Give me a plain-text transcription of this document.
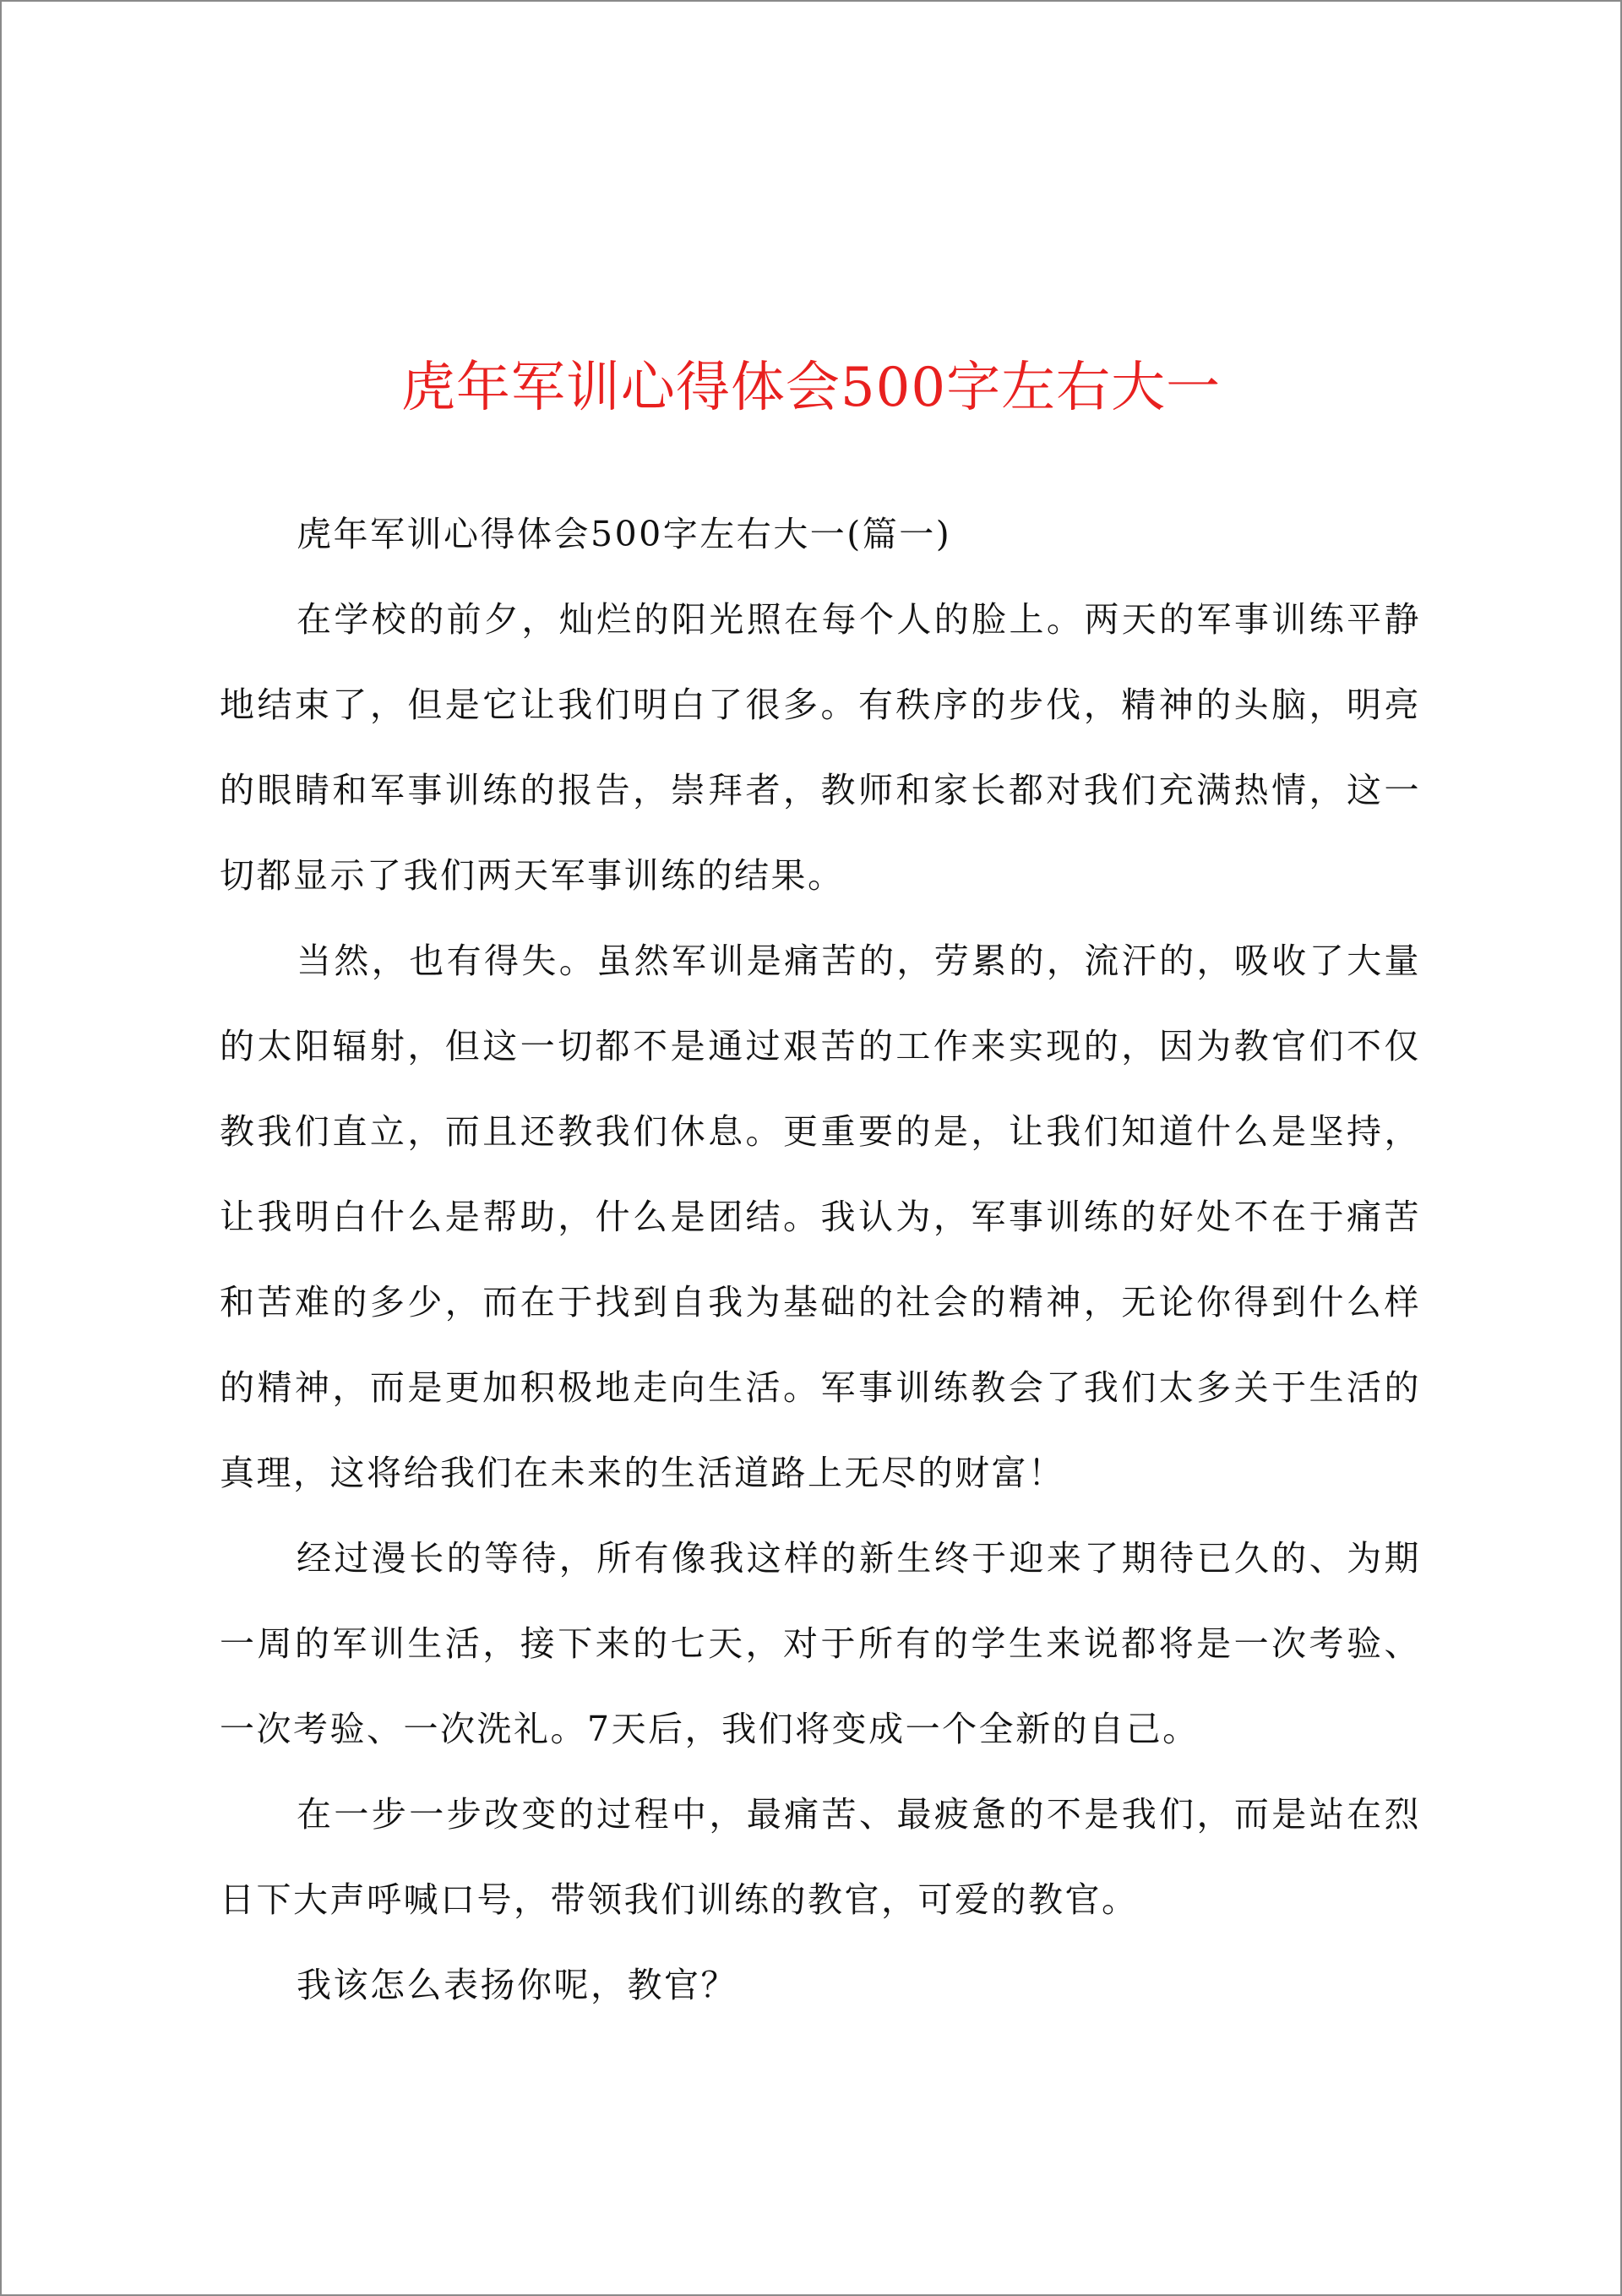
虎年军训心得体会500字左右大一

虎年军训心得体会500字左右大一(篇一)

在学校的前夕，灿烂的阳光照在每个人的脸上。两天的军事训练平静地结束了，但是它让我们明白了很多。有秩序的步伐，精神的头脑，明亮的眼睛和军事训练的报告，崇拜者，教师和家长都对我们充满热情，这一切都显示了我们两天军事训练的结果。

当然，也有得失。虽然军训是痛苦的，劳累的，流汗的，吸收了大量的太阳辐射，但这一切都不是通过艰苦的工作来实现的，因为教官们不仅教我们直立，而且还教我们休息。更重要的是，让我们知道什么是坚持，让我明白什么是帮助，什么是团结。我认为，军事训练的好处不在于痛苦和苦难的多少，而在于找到自我为基础的社会的精神，无论你得到什么样的精神，而是更加积极地走向生活。军事训练教会了我们太多关于生活的真理，这将给我们在未来的生活道路上无尽的财富！

经过漫长的等待，所有像我这样的新生终于迎来了期待已久的、为期一周的军训生活，接下来的七天，对于所有的学生来说都将是一次考验、一次考验、一次洗礼。7天后，我们将变成一个全新的自己。

在一步一步改变的过程中，最痛苦、最疲惫的不是我们，而是站在烈日下大声呼喊口号，带领我们训练的教官，可爱的教官。

我该怎么表扬你呢，教官？
